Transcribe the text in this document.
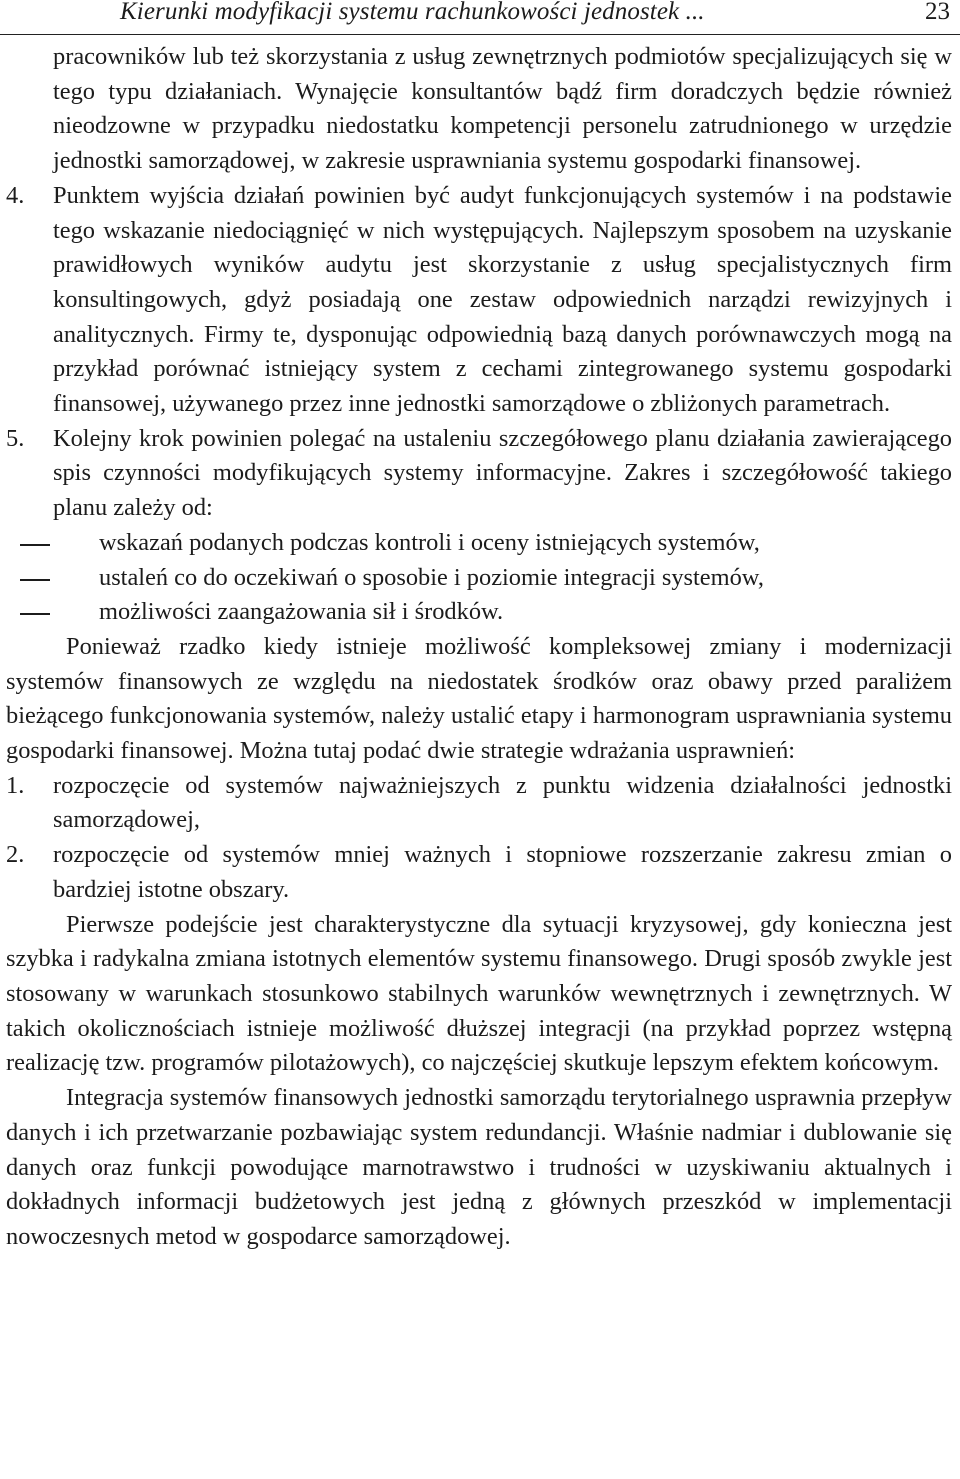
Kierunki modyfikacji systemu rachunkowości jednostek ...	23

pracowników lub też skorzystania z usług zewnętrznych podmiotów specjalizujących się w tego typu działaniach. Wynajęcie konsultantów bądź firm doradczych będzie również nieodzowne w przypadku niedostatku kompetencji personelu zatrudnionego w urzędzie jednostki samorządowej, w zakresie usprawniania systemu gospodarki finansowej.

4. Punktem wyjścia działań powinien być audyt funkcjonujących systemów i na podstawie tego wskazanie niedociągnięć w nich występujących. Najlepszym sposobem na uzyskanie prawidłowych wyników audytu jest skorzystanie z usług specjalistycznych firm konsultingowych, gdyż posiadają one zestaw odpowiednich narządzi rewizyjnych i analitycznych. Firmy te, dysponując odpowiednią bazą danych porównawczych mogą na przykład porównać istniejący system z cechami zintegrowanego systemu gospodarki finansowej, używanego przez inne jednostki samorządowe o zbliżonych parametrach.
5. Kolejny krok powinien polegać na ustaleniu szczegółowego planu działania zawierającego spis czynności modyfikujących systemy informacyjne. Zakres i szczegółowość takiego planu zależy od:
wskazań podanych podczas kontroli i oceny istniejących systemów,
ustaleń co do oczekiwań o sposobie i poziomie integracji systemów,
możliwości zaangażowania sił i środków.

Ponieważ rzadko kiedy istnieje możliwość kompleksowej zmiany i modernizacji systemów finansowych ze względu na niedostatek środków oraz obawy przed paraliżem bieżącego funkcjonowania systemów, należy ustalić etapy i harmonogram usprawniania systemu gospodarki finansowej. Można tutaj podać dwie strategie wdrażania usprawnień:

1. rozpoczęcie od systemów najważniejszych z punktu widzenia działalności jednostki samorządowej,
2. rozpoczęcie od systemów mniej ważnych i stopniowe rozszerzanie zakresu zmian o bardziej istotne obszary.

Pierwsze podejście jest charakterystyczne dla sytuacji kryzysowej, gdy konieczna jest szybka i radykalna zmiana istotnych elementów systemu finansowego. Drugi sposób zwykle jest stosowany w warunkach stosunkowo stabilnych warunków wewnętrznych i zewnętrznych. W takich okolicznościach istnieje możliwość dłuższej integracji (na przykład poprzez wstępną realizację tzw. programów pilotażowych), co najczęściej skutkuje lepszym efektem końcowym.

Integracja systemów finansowych jednostki samorządu terytorialnego usprawnia przepływ danych i ich przetwarzanie pozbawiając system redundancji. Właśnie nadmiar i dublowanie się danych oraz funkcji powodujące marnotrawstwo i trudności w uzyskiwaniu aktualnych i dokładnych informacji budżetowych jest jedną z głównych przeszkód w implementacji nowoczesnych metod w gospodarce samorządowej.
